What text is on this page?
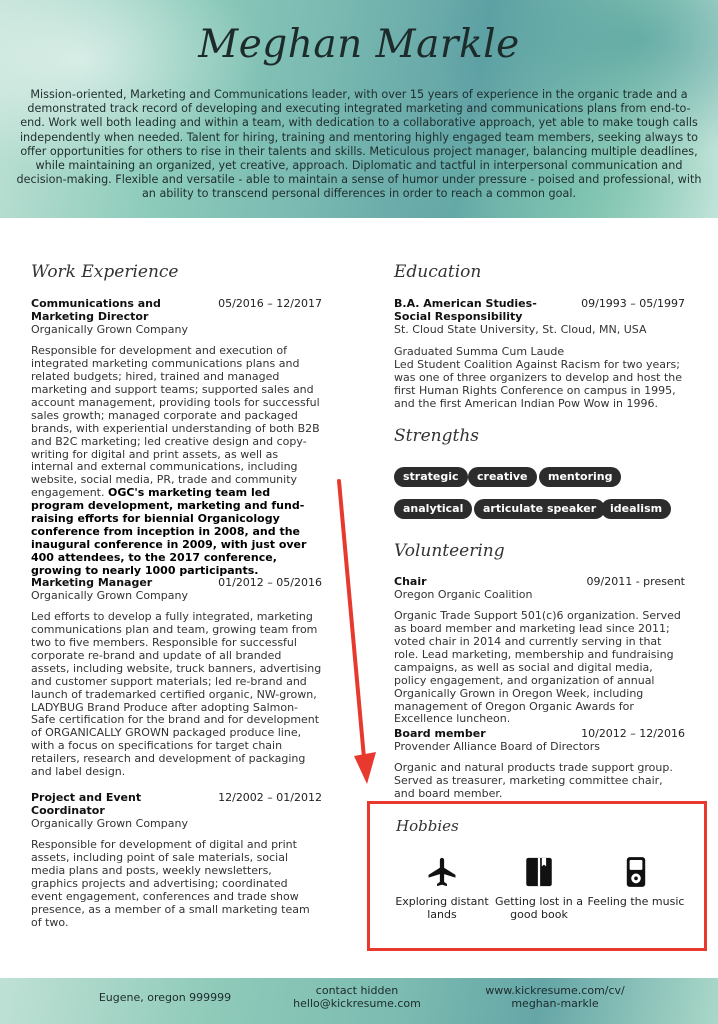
Meghan Markle
Mission-oriented, Marketing and Communications leader, with over 15 years of experience in the organic trade and a demonstrated track record of developing and executing integrated marketing and communications plans from end-to-end. Work well both leading and within a team, with dedication to a collaborative approach, yet able to make tough calls independently when needed. Talent for hiring, training and mentoring highly engaged team members, seeking always to offer opportunities for others to rise in their talents and skills. Meticulous project manager, balancing multiple deadlines, while maintaining an organized, yet creative, approach. Diplomatic and tactful in interpersonal communication and decision-making. Flexible and versatile - able to maintain a sense of humor under pressure - poised and professional, with an ability to transcend personal differences in order to reach a common goal.
Work Experience
Communications and Marketing Director
05/2016 – 12/2017
Organically Grown Company
Responsible for development and execution of integrated marketing communications plans and related budgets; hired, trained and managed marketing and support teams; supported sales and account management, providing tools for successful sales growth; managed corporate and packaged brands, with experiential understanding of both B2B and B2C marketing; led creative design and copy-writing for digital and print assets, as well as internal and external communications, including website, social media, PR, trade and community engagement. OGC's marketing team led program development, marketing and fund-raising efforts for biennial Organicology conference from inception in 2008, and the inaugural conference in 2009, with just over 400 attendees, to the 2017 conference, growing to nearly 1000 participants.
Marketing Manager	01/2012 – 05/2016
Organically Grown Company
Led efforts to develop a fully integrated, marketing communications plan and team, growing team from two to five members. Responsible for successful corporate re-brand and update of all branded assets, including website, truck banners, advertising and customer support materials; led re-brand and launch of trademarked certified organic, NW-grown, LADYBUG Brand Produce after adopting Salmon-Safe certification for the brand and for development of ORGANICALLY GROWN packaged produce line, with a focus on specifications for target chain retailers, research and development of packaging and label design.
Project and Event Coordinator
12/2002 – 01/2012
Organically Grown Company
Responsible for development of digital and print assets, including point of sale materials, social media plans and posts, weekly newsletters, graphics projects and advertising; coordinated event engagement, conferences and trade show presence, as a member of a small marketing team of two.
Education
B.A. American Studies- Social Responsibility
09/1993 – 05/1997
St. Cloud State University, St. Cloud, MN, USA
Graduated Summa Cum Laude
Led Student Coalition Against Racism for two years; was one of three organizers to develop and host the first Human Rights Conference on campus in 1995, and the first American Indian Pow Wow in 1996.
Strengths
strategic	creative	mentoring
analytical	articulate speaker	idealism
Volunteering
Chair	09/2011 - present
Oregon Organic Coalition
Organic Trade Support 501(c)6 organization. Served as board member and marketing lead since 2011; voted chair in 2014 and currently serving in that role. Lead marketing, membership and fundraising campaigns, as well as social and digital media, policy engagement, and organization of annual Organically Grown in Oregon Week, including management of Oregon Organic Awards for Excellence luncheon.
Board member	10/2012 – 12/2016
Provender Alliance Board of Directors
Organic and natural products trade support group. Served as treasurer, marketing committee chair, and board member.
Hobbies
Exploring distant lands
Getting lost in a good book
Feeling the music
Eugene, oregon 999999
contact hidden
hello@kickresume.com
www.kickresume.com/cv/
meghan-markle
